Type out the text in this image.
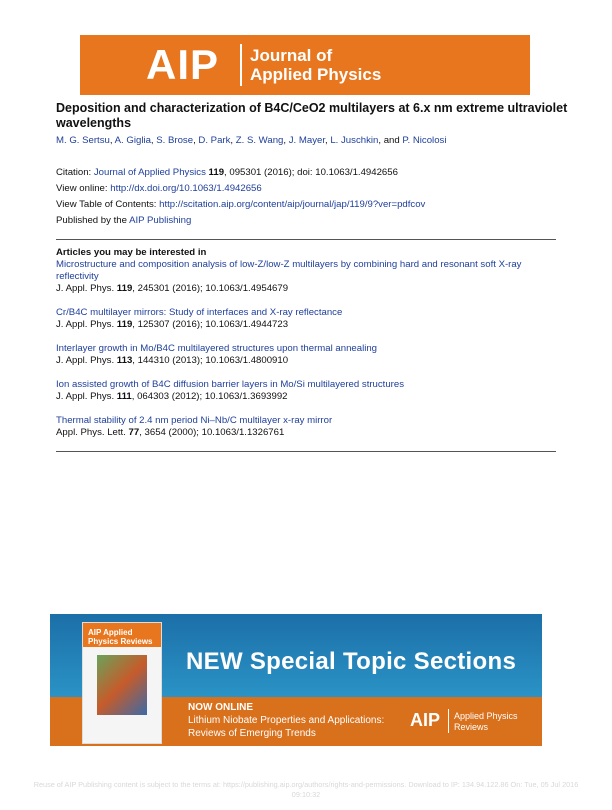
AIP Journal of
Applied Physics
Deposition and characterization of B4C/CeO2 multilayers at 6.x nm extreme ultraviolet
wavelengths
M. G. Sertsu, A. Giglia, S. Brose, D. Park, Z. S. Wang, J. Mayer, L. Juschkin, and P. Nicolosi
Citation: Journal of Applied Physics 119, 095301 (2016); doi: 10.1063/1.4942656
View online: http://dx.doi.org/10.1063/1.4942656
View Table of Contents: http://scitation.aip.org/content/aip/journal/jap/119/9?ver=pdfcov
Published by the AIP Publishing
Articles you may be interested in
Microstructure and composition analysis of low-Z/low-Z multilayers by combining hard and resonant soft X-ray
reflectivity
J. Appl. Phys. 119, 245301 (2016); 10.1063/1.4954679
Cr/B4C multilayer mirrors: Study of interfaces and X-ray reflectance
J. Appl. Phys. 119, 125307 (2016); 10.1063/1.4944723
Interlayer growth in Mo/B4C multilayered structures upon thermal annealing
J. Appl. Phys. 113, 144310 (2013); 10.1063/1.4800910
Ion assisted growth of B4C diffusion barrier layers in Mo/Si multilayered structures
J. Appl. Phys. 111, 064303 (2012); 10.1063/1.3693992
Thermal stability of 2.4 nm period Ni–Nb/C multilayer x-ray mirror
Appl. Phys. Lett. 77, 3654 (2000); 10.1063/1.1326761
AIP Applied Physics Reviews
NEW Special Topic Sections
NOW ONLINE
Lithium Niobate Properties and Applications:
Reviews of Emerging Trends
AIP Applied Physics
Reviews
Reuse of AIP Publishing content is subject to the terms at: https://publishing.aip.org/authors/rights-and-permissions. Download to IP: 134.94.122.86 On: Tue, 05 Jul 2016
09:10:32
